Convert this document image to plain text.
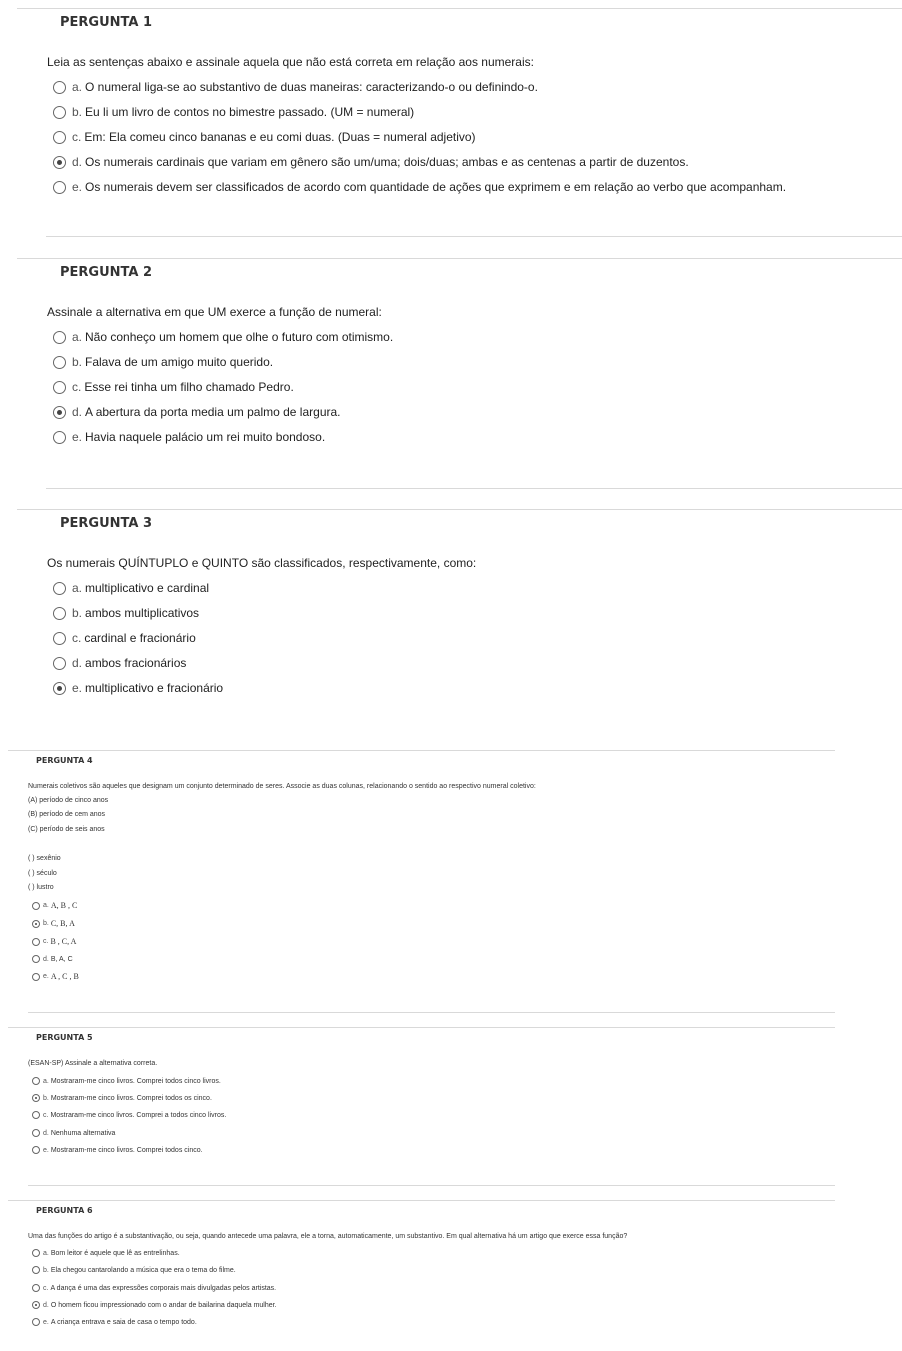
PERGUNTA 1
Leia as sentenças abaixo e assinale aquela que não está correta em relação aos numerais:
a. O numeral liga-se ao substantivo de duas maneiras: caracterizando-o ou definindo-o.
b. Eu li um livro de contos no bimestre passado. (UM = numeral)
c. Em: Ela comeu cinco bananas e eu comi duas. (Duas = numeral adjetivo)
d. Os numerais cardinais que variam em gênero são um/uma; dois/duas; ambas e as centenas a partir de duzentos.
e. Os numerais devem ser classificados de acordo com quantidade de ações que exprimem e em relação ao verbo que acompanham.
PERGUNTA 2
Assinale a alternativa em que UM exerce a função de numeral:
a. Não conheço um homem que olhe o futuro com otimismo.
b. Falava de um amigo muito querido.
c. Esse rei tinha um filho chamado Pedro.
d. A abertura da porta media um palmo de largura.
e. Havia naquele palácio um rei muito bondoso.
PERGUNTA 3
Os numerais QUÍNTUPLO e QUINTO são classificados, respectivamente, como:
a. multiplicativo e cardinal
b. ambos multiplicativos
c. cardinal e fracionário
d. ambos fracionários
e. multiplicativo e fracionário
PERGUNTA 4
Numerais coletivos são aqueles que designam um conjunto determinado de seres. Associe as duas colunas, relacionando o sentido ao respectivo numeral coletivo:
(A) período de cinco anos
(B) período de cem anos
(C) período de seis anos
( ) sexênio
( ) século
( ) lustro
a. A, B , C
b. C, B, A
c. B , C, A
d. B, A, C
e. A , C , B
PERGUNTA 5
(ESAN-SP) Assinale a alternativa correta.
a. Mostraram-me cinco livros. Comprei todos cinco livros.
b. Mostraram-me cinco livros. Comprei todos os cinco.
c. Mostraram-me cinco livros. Comprei a todos cinco livros.
d. Nenhuma alternativa
e. Mostraram-me cinco livros. Comprei todos cinco.
PERGUNTA 6
Uma das funções do artigo é a substantivação, ou seja, quando antecede uma palavra, ele a torna, automaticamente, um substantivo. Em qual alternativa há um artigo que exerce essa função?
a. Bom leitor é aquele que lê as entrelinhas.
b. Ela chegou cantarolando a música que era o tema do filme.
c. A dança é uma das expressões corporais mais divulgadas pelos artistas.
d. O homem ficou impressionado com o andar de bailarina daquela mulher.
e. A criança entrava e saia de casa o tempo todo.
